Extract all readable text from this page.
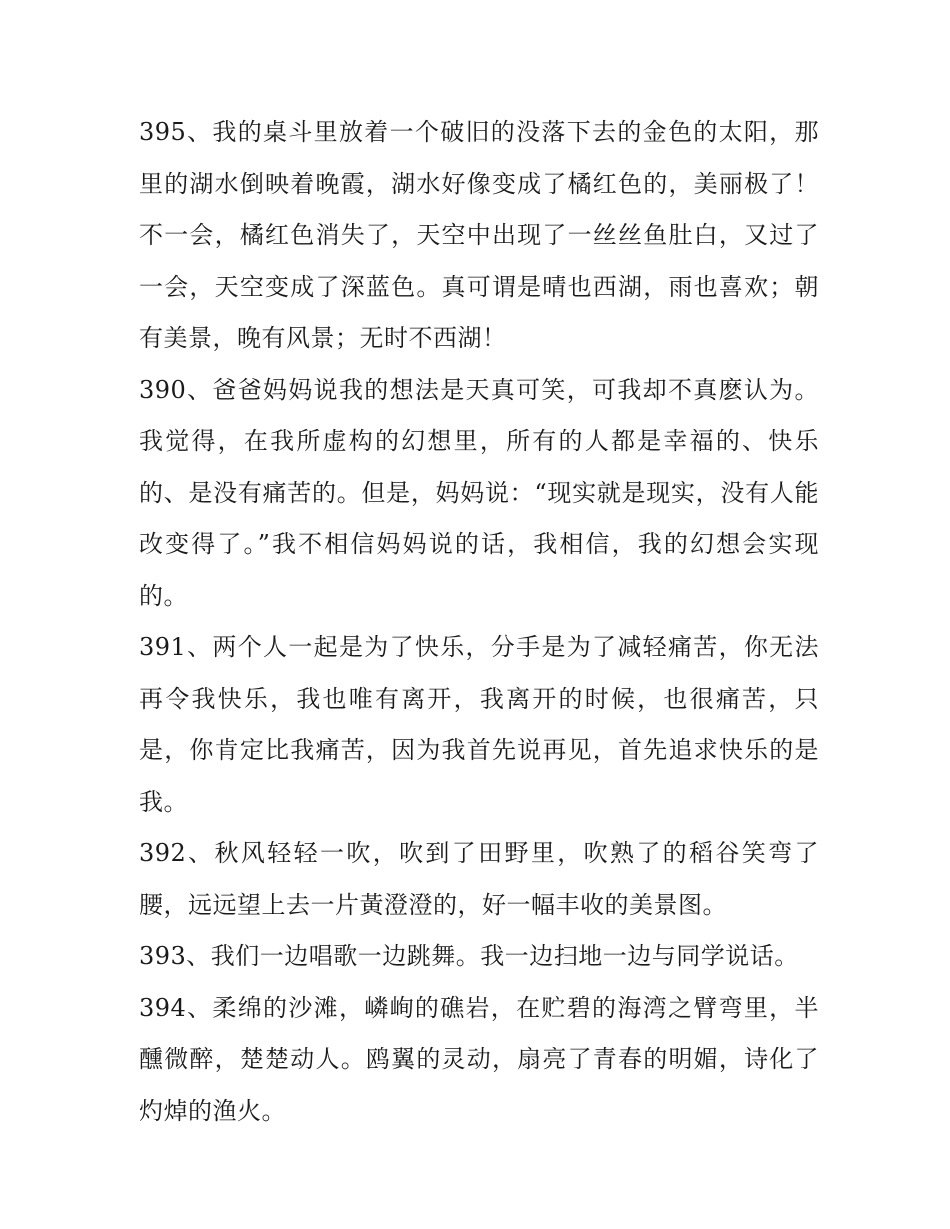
395、我的桌斗里放着一个破旧的没落下去的金色的太阳，那里的湖水倒映着晚霞，湖水好像变成了橘红色的，美丽极了！不一会，橘红色消失了，天空中出现了一丝丝鱼肚白，又过了一会，天空变成了深蓝色。真可谓是晴也西湖，雨也喜欢；朝有美景，晚有风景；无时不西湖！

390、爸爸妈妈说我的想法是天真可笑，可我却不真麽认为。我觉得，在我所虚构的幻想里，所有的人都是幸福的、快乐的、是没有痛苦的。但是，妈妈说：“现实就是现实，没有人能改变得了。”我不相信妈妈说的话，我相信，我的幻想会实现的。

391、两个人一起是为了快乐，分手是为了减轻痛苦，你无法再令我快乐，我也唯有离开，我离开的时候，也很痛苦，只是，你肯定比我痛苦，因为我首先说再见，首先追求快乐的是我。

392、秋风轻轻一吹，吹到了田野里，吹熟了的稻谷笑弯了腰，远远望上去一片黃澄澄的，好一幅丰收的美景图。

393、我们一边唱歌一边跳舞。我一边扫地一边与同学说话。

394、柔绵的沙滩，嶙峋的礁岩，在贮碧的海湾之臂弯里，半醺微醉，楚楚动人。鸥翼的灵动，扇亮了青春的明媚，诗化了灼焯的渔火。
